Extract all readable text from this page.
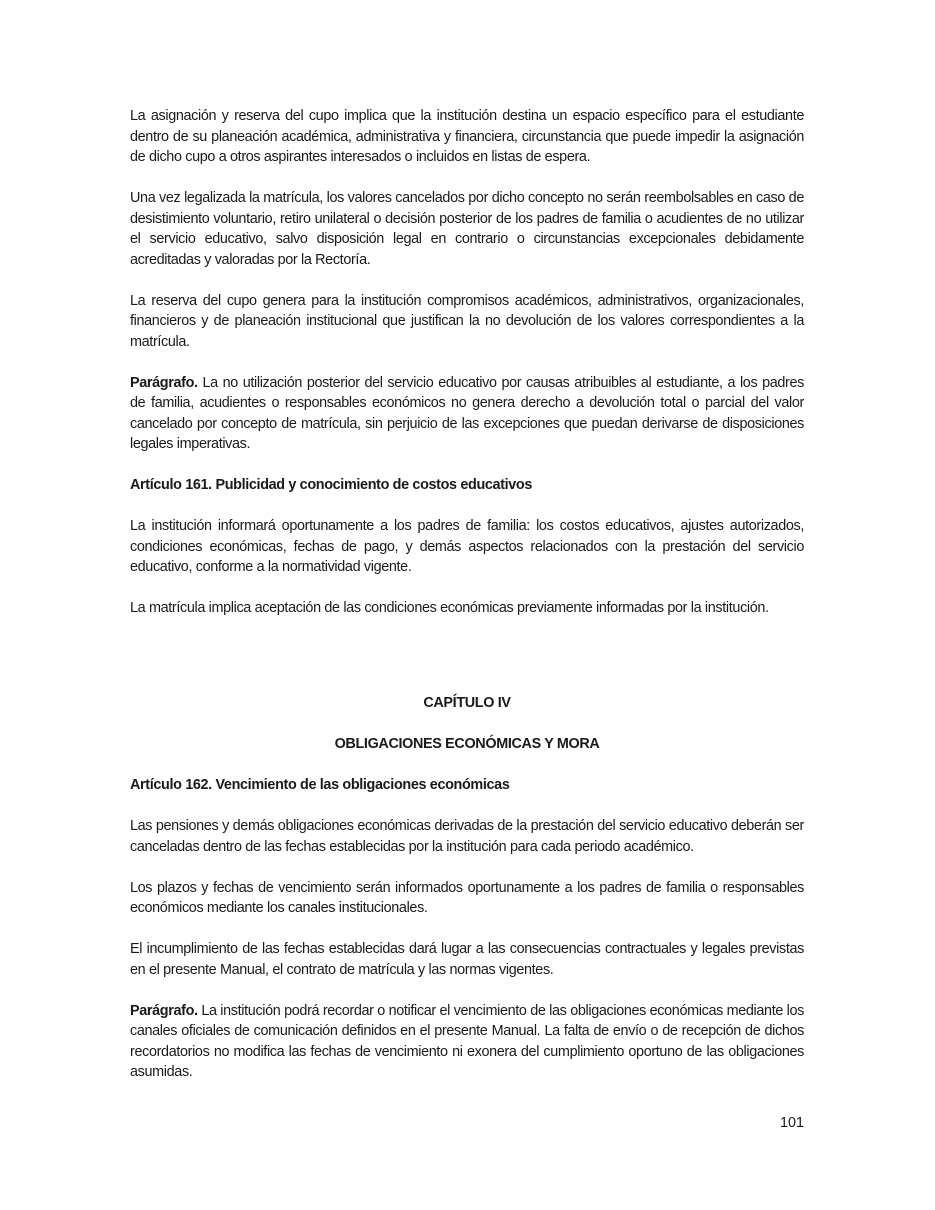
La asignación y reserva del cupo implica que la institución destina un espacio específico para el estudiante dentro de su planeación académica, administrativa y financiera, circunstancia que puede impedir la asignación de dicho cupo a otros aspirantes interesados o incluidos en listas de espera.

Una vez legalizada la matrícula, los valores cancelados por dicho concepto no serán reembolsables en caso de desistimiento voluntario, retiro unilateral o decisión posterior de los padres de familia o acudientes de no utilizar el servicio educativo, salvo disposición legal en contrario o circunstancias excepcionales debidamente acreditadas y valoradas por la Rectoría.

La reserva del cupo genera para la institución compromisos académicos, administrativos, organizacionales, financieros y de planeación institucional que justifican la no devolución de los valores correspondientes a la matrícula.

Parágrafo. La no utilización posterior del servicio educativo por causas atribuibles al estudiante, a los padres de familia, acudientes o responsables económicos no genera derecho a devolución total o parcial del valor cancelado por concepto de matrícula, sin perjuicio de las excepciones que puedan derivarse de disposiciones legales imperativas.

Artículo 161. Publicidad y conocimiento de costos educativos

La institución informará oportunamente a los padres de familia: los costos educativos, ajustes autorizados, condiciones económicas, fechas de pago, y demás aspectos relacionados con la prestación del servicio educativo, conforme a la normatividad vigente.

La matrícula implica aceptación de las condiciones económicas previamente informadas por la institución.

CAPÍTULO IV

OBLIGACIONES ECONÓMICAS Y MORA

Artículo 162. Vencimiento de las obligaciones económicas

Las pensiones y demás obligaciones económicas derivadas de la prestación del servicio educativo deberán ser canceladas dentro de las fechas establecidas por la institución para cada periodo académico.

Los plazos y fechas de vencimiento serán informados oportunamente a los padres de familia o responsables económicos mediante los canales institucionales.

El incumplimiento de las fechas establecidas dará lugar a las consecuencias contractuales y legales previstas en el presente Manual, el contrato de matrícula y las normas vigentes.

Parágrafo. La institución podrá recordar o notificar el vencimiento de las obligaciones económicas mediante los canales oficiales de comunicación definidos en el presente Manual. La falta de envío o de recepción de dichos recordatorios no modifica las fechas de vencimiento ni exonera del cumplimiento oportuno de las obligaciones asumidas.

101
